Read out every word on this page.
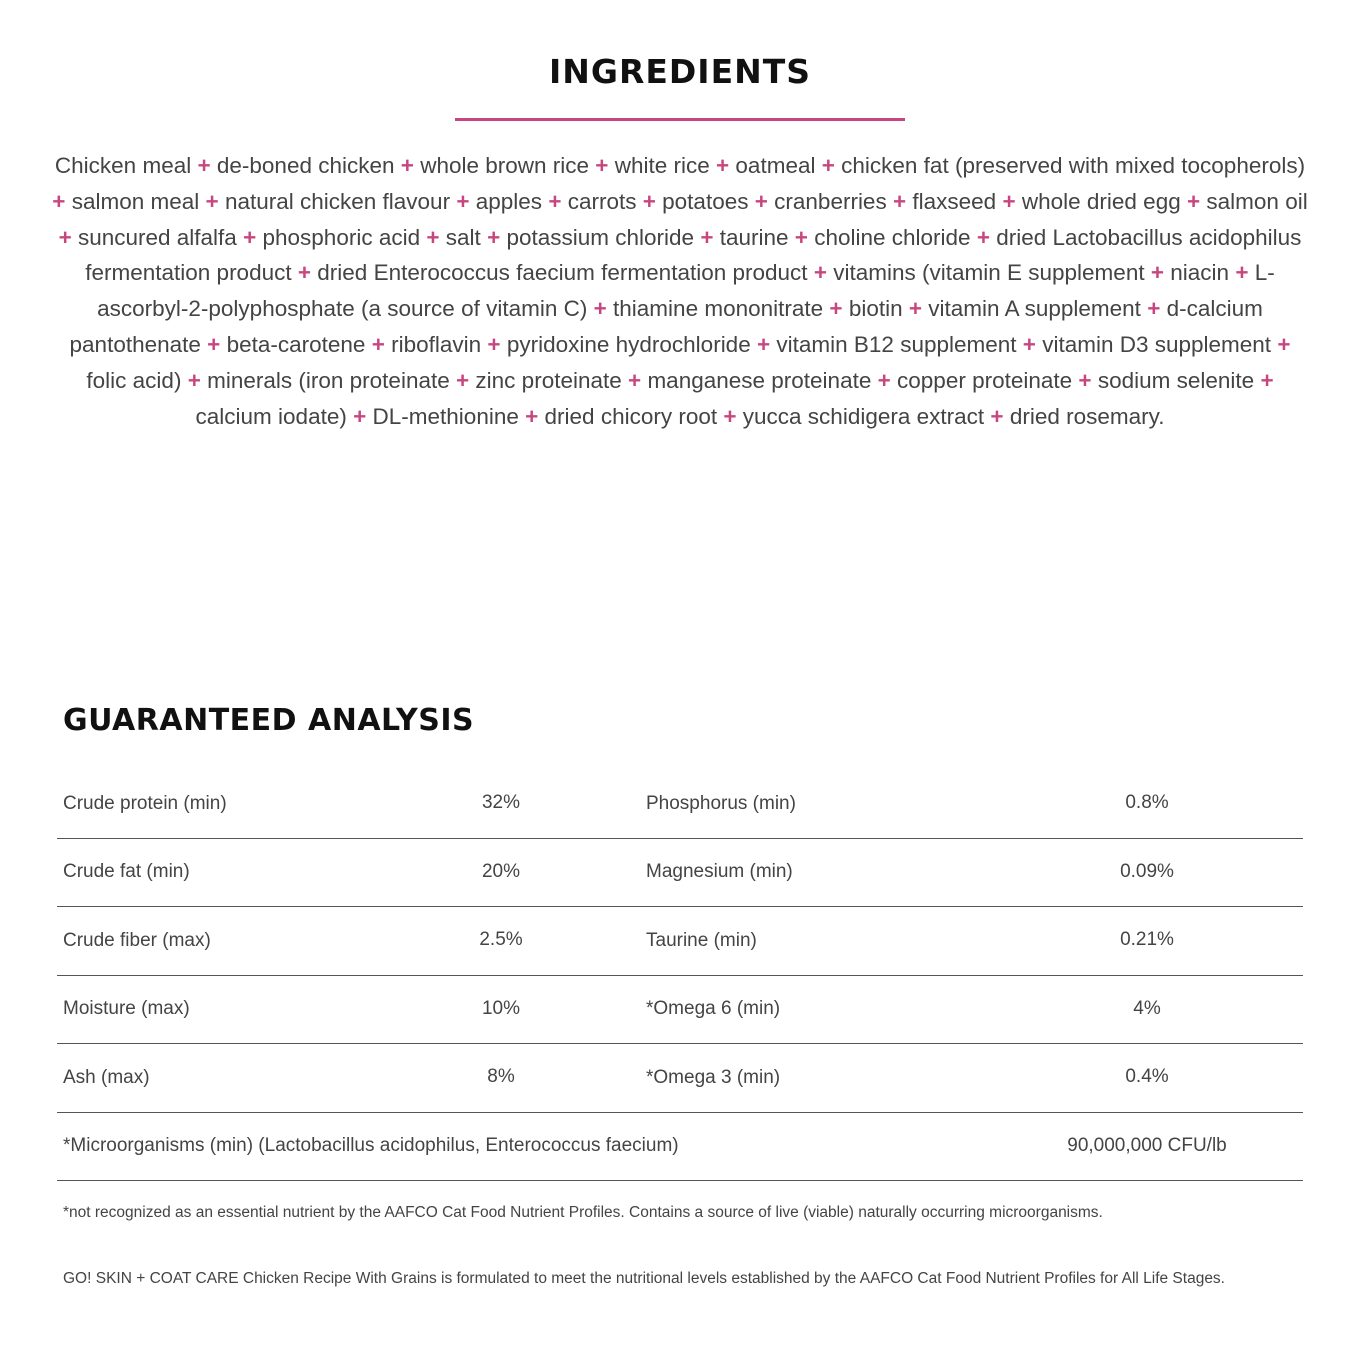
INGREDIENTS
Chicken meal + de-boned chicken + whole brown rice + white rice + oatmeal + chicken fat (preserved with mixed tocopherols) + salmon meal + natural chicken flavour + apples + carrots + potatoes + cranberries + flaxseed + whole dried egg + salmon oil + suncured alfalfa + phosphoric acid + salt + potassium chloride + taurine + choline chloride + dried Lactobacillus acidophilus fermentation product + dried Enterococcus faecium fermentation product + vitamins (vitamin E supplement + niacin + L-ascorbyl-2-polyphosphate (a source of vitamin C) + thiamine mononitrate + biotin + vitamin A supplement + d-calcium pantothenate + beta-carotene + riboflavin + pyridoxine hydrochloride + vitamin B12 supplement + vitamin D3 supplement + folic acid) + minerals (iron proteinate + zinc proteinate + manganese proteinate + copper proteinate + sodium selenite + calcium iodate) + DL-methionine + dried chicory root + yucca schidigera extract + dried rosemary.
GUARANTEED ANALYSIS
Crude protein (min)	32%	Phosphorus (min)	0.8%
Crude fat (min)	20%	Magnesium (min)	0.09%
Crude fiber (max)	2.5%	Taurine (min)	0.21%
Moisture (max)	10%	*Omega 6 (min)	4%
Ash (max)	8%	*Omega 3 (min)	0.4%
*Microorganisms (min) (Lactobacillus acidophilus, Enterococcus faecium)	90,000,000 CFU/lb
*not recognized as an essential nutrient by the AAFCO Cat Food Nutrient Profiles. Contains a source of live (viable) naturally occurring microorganisms.
GO! SKIN + COAT CARE Chicken Recipe With Grains is formulated to meet the nutritional levels established by the AAFCO Cat Food Nutrient Profiles for All Life Stages.
